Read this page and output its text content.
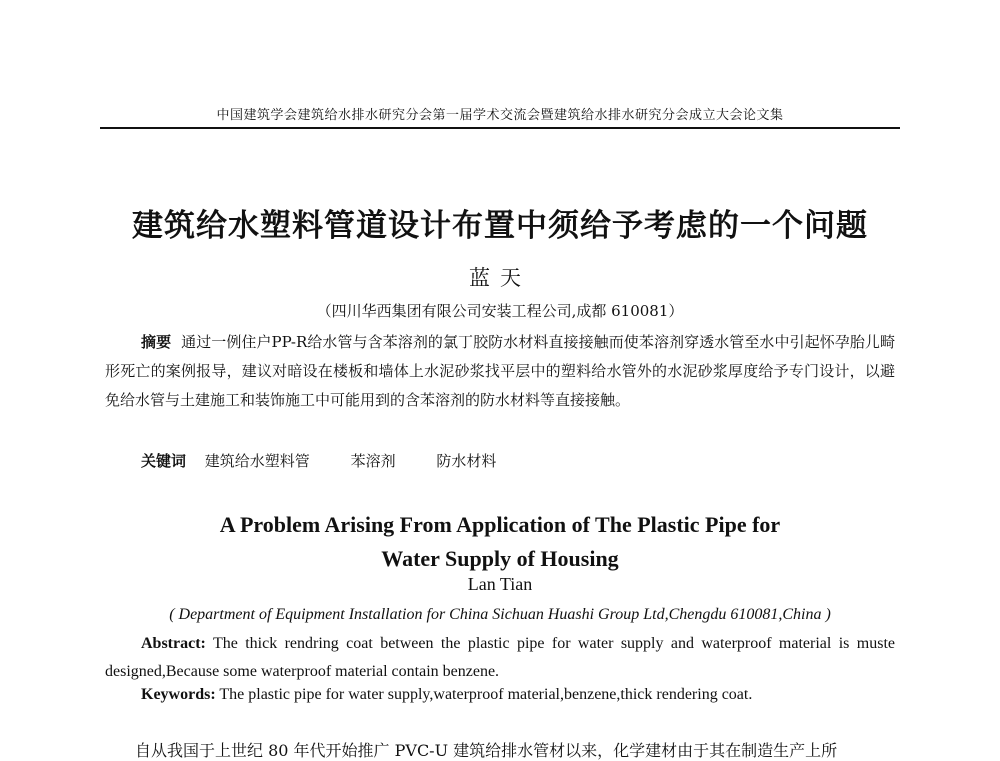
中国建筑学会建筑给水排水研究分会第一届学术交流会暨建筑给水排水研究分会成立大会论文集
建筑给水塑料管道设计布置中须给予考虑的一个问题
蓝天
（四川华西集团有限公司安装工程公司,成都 610081）
摘要 通过一例住户PP-R给水管与含苯溶剂的氯丁胶防水材料直接接触而使苯溶剂穿透水管至水中引起怀孕胎儿畸形死亡的案例报导，建议对暗设在楼板和墙体上水泥砂浆找平层中的塑料给水管外的水泥砂浆厚度给予专门设计，以避免给水管与土建施工和装饰施工中可能用到的含苯溶剂的防水材料等直接接触。
关键词 建筑给水塑料管	苯溶剂	防水材料
A Problem Arising From Application of The Plastic Pipe for
Water Supply of Housing
Lan Tian
( Department of Equipment Installation for China Sichuan Huashi Group Ltd,Chengdu 610081,China )
Abstract: The thick rendring coat between the plastic pipe for water supply and waterproof material is muste designed,Because some waterproof material contain benzene.
Keywords: The plastic pipe for water supply,waterproof material,benzene,thick rendering coat.
自从我国于上世纪 80 年代开始推广 PVC-U 建筑给排水管材以来，化学建材由于其在制造生产上所
